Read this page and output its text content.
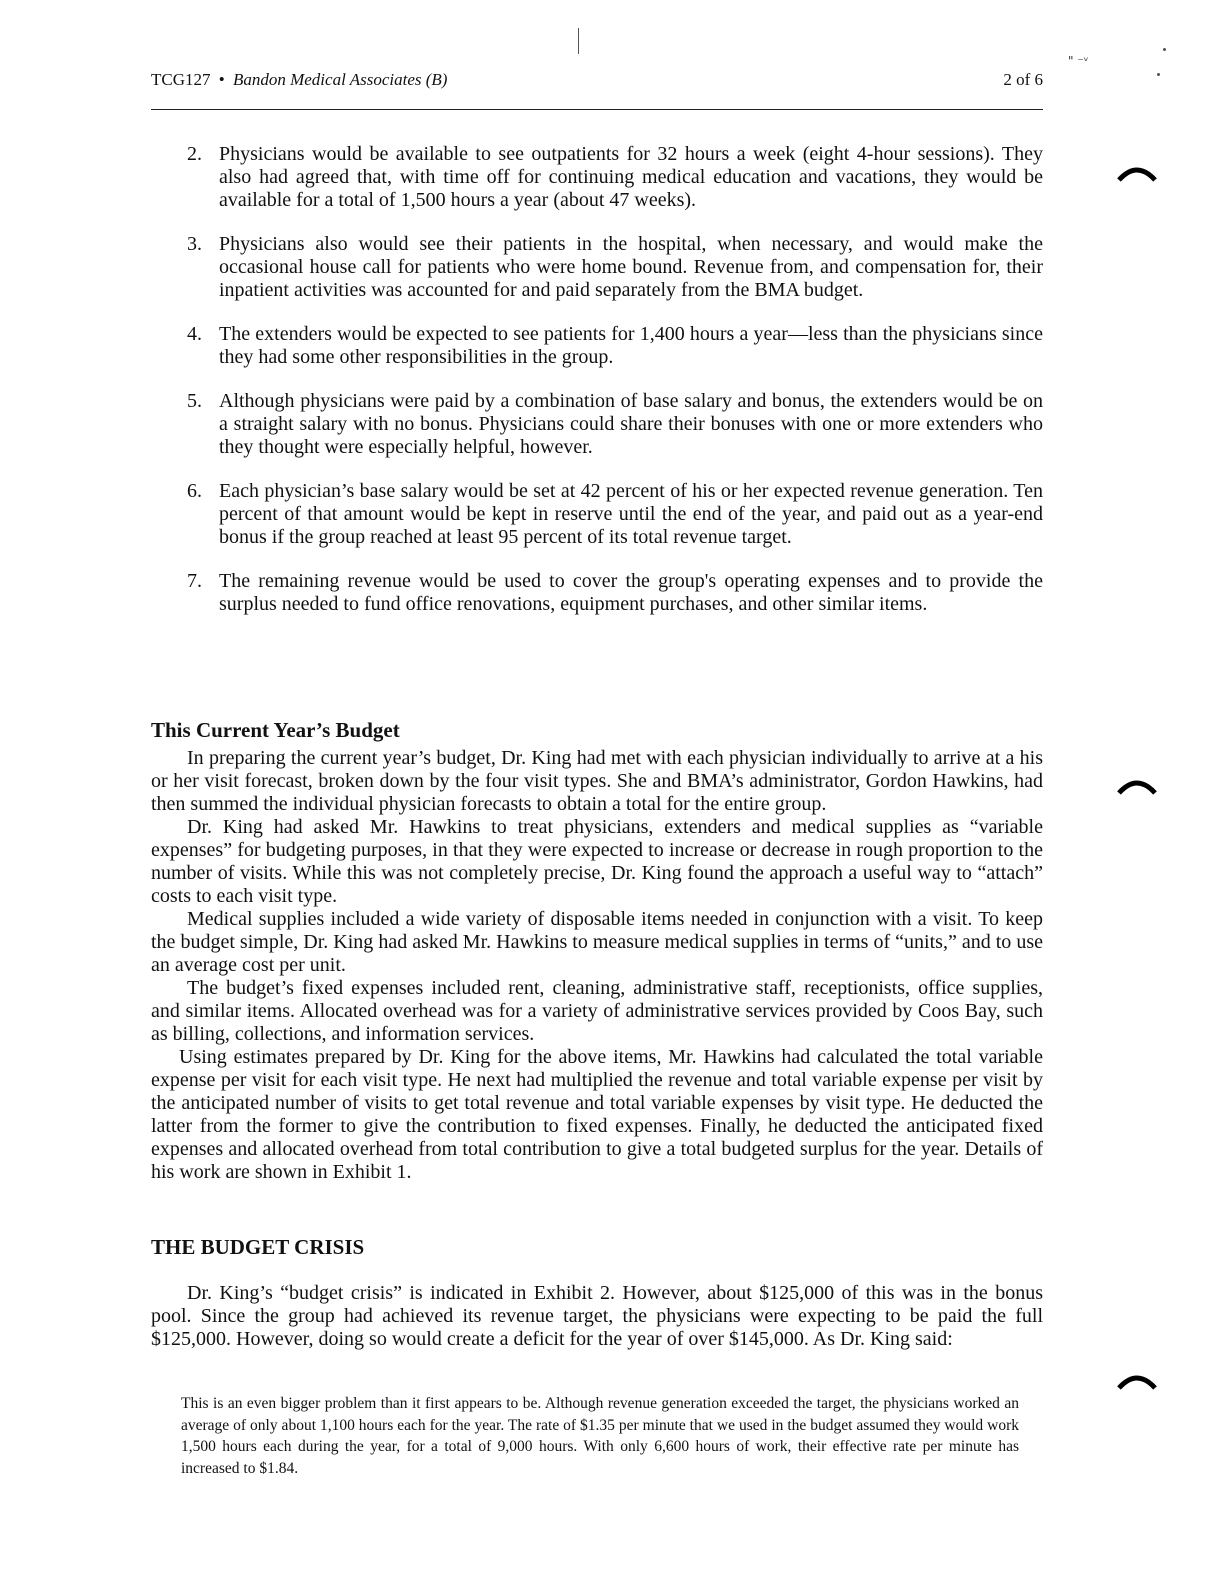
" ⁻ᵛ
TCG127 • Bandon Medical Associates (B)	2 of 6
2. Physicians would be available to see outpatients for 32 hours a week (eight 4-hour sessions). They also had agreed that, with time off for continuing medical education and vacations, they would be available for a total of 1,500 hours a year (about 47 weeks).
3. Physicians also would see their patients in the hospital, when necessary, and would make the occasional house call for patients who were home bound. Revenue from, and compensation for, their inpatient activities was accounted for and paid separately from the BMA budget.
4. The extenders would be expected to see patients for 1,400 hours a year—less than the physicians since they had some other responsibilities in the group.
5. Although physicians were paid by a combination of base salary and bonus, the extenders would be on a straight salary with no bonus. Physicians could share their bonuses with one or more extenders who they thought were especially helpful, however.
6. Each physician’s base salary would be set at 42 percent of his or her expected revenue generation. Ten percent of that amount would be kept in reserve until the end of the year, and paid out as a year-end bonus if the group reached at least 95 percent of its total revenue target.
7. The remaining revenue would be used to cover the group's operating expenses and to provide the surplus needed to fund office renovations, equipment purchases, and other similar items.
This Current Year’s Budget

In preparing the current year’s budget, Dr. King had met with each physician individually to arrive at a his or her visit forecast, broken down by the four visit types. She and BMA’s administrator, Gordon Hawkins, had then summed the individual physician forecasts to obtain a total for the entire group.

Dr. King had asked Mr. Hawkins to treat physicians, extenders and medical supplies as “variable expenses” for budgeting purposes, in that they were expected to increase or decrease in rough proportion to the number of visits. While this was not completely precise, Dr. King found the approach a useful way to “attach” costs to each visit type.

Medical supplies included a wide variety of disposable items needed in conjunction with a visit. To keep the budget simple, Dr. King had asked Mr. Hawkins to measure medical supplies in terms of “units,” and to use an average cost per unit.

The budget’s fixed expenses included rent, cleaning, administrative staff, receptionists, office supplies, and similar items. Allocated overhead was for a variety of administrative services provided by Coos Bay, such as billing, collections, and information services.

Using estimates prepared by Dr. King for the above items, Mr. Hawkins had calculated the total variable expense per visit for each visit type. He next had multiplied the revenue and total variable expense per visit by the anticipated number of visits to get total revenue and total variable expenses by visit type. He deducted the latter from the former to give the contribution to fixed expenses. Finally, he deducted the anticipated fixed expenses and allocated overhead from total contribution to give a total budgeted surplus for the year. Details of his work are shown in Exhibit 1.

THE BUDGET CRISIS

Dr. King’s “budget crisis” is indicated in Exhibit 2. However, about $125,000 of this was in the bonus pool. Since the group had achieved its revenue target, the physicians were expecting to be paid the full $125,000. However, doing so would create a deficit for the year of over $145,000. As Dr. King said:

This is an even bigger problem than it first appears to be. Although revenue generation exceeded the target, the physicians worked an average of only about 1,100 hours each for the year. The rate of $1.35 per minute that we used in the budget assumed they would work 1,500 hours each during the year, for a total of 9,000 hours. With only 6,600 hours of work, their effective rate per minute has increased to $1.84.
